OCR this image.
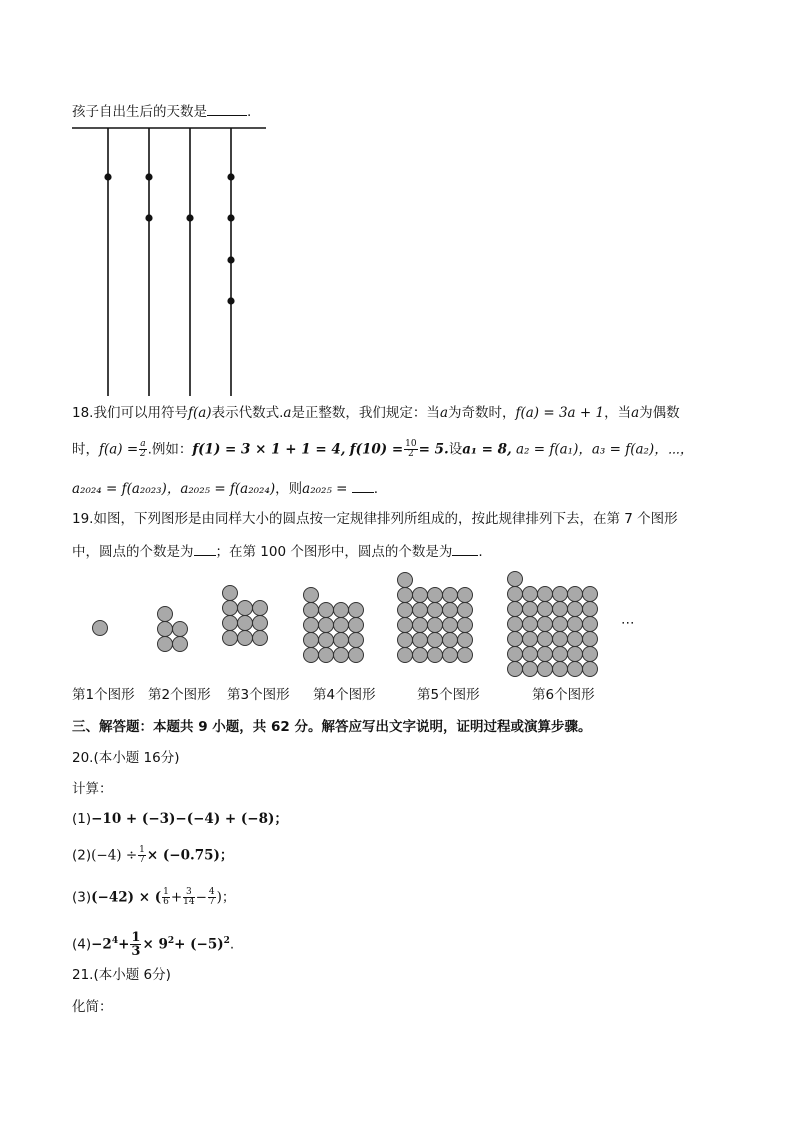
孩子自出生后的天数是	.
18.我们可以用符号f(a)表示代数式.a是正整数，我们规定：当a为奇数时，f(a) = 3a + 1，当a为偶数
时，$f(a) = \frac{a}{2}$ .例如：f(1) = 3 × 1 + 1 = 4, $f(10) = \frac{10}{2} = 5$.设a₁ = 8, a₂ = f(a₁)，a₃ = f(a₂)，⋯，
a₂₀₂₄ = f(a₂₀₂₃)，a₂₀₂₅ = f(a₂₀₂₄)，则a₂₀₂₅ = .
19.如图，下列图形是由同样大小的圆点按一定规律排列所组成的，按此规律排列下去，在第 7 个图形
中，圆点的个数是为 ；在第 100 个图形中，圆点的个数是为 .
⋯
第1个图形 第2个图形 第3个图形 第4个图形	第5个图形	第6个图形
三、解答题：本题共 9 小题，共 62 分。解答应写出文字说明，证明过程或演算步骤。
20.(本小题 16分)
计算：
(1)−10 + (−3)−(−4) + (−8)；
$(2)(-4) \div \frac{1}{7} \times (-0.75)$；
(3)(−42) × ( $\frac{1}{6} + \frac{3}{14} - \frac{4}{7}$ )；
$(4)-2^4+ \frac{1}{3} \times 9^2+ (-5)^2$.
21.(本小题 6分)
化简：
